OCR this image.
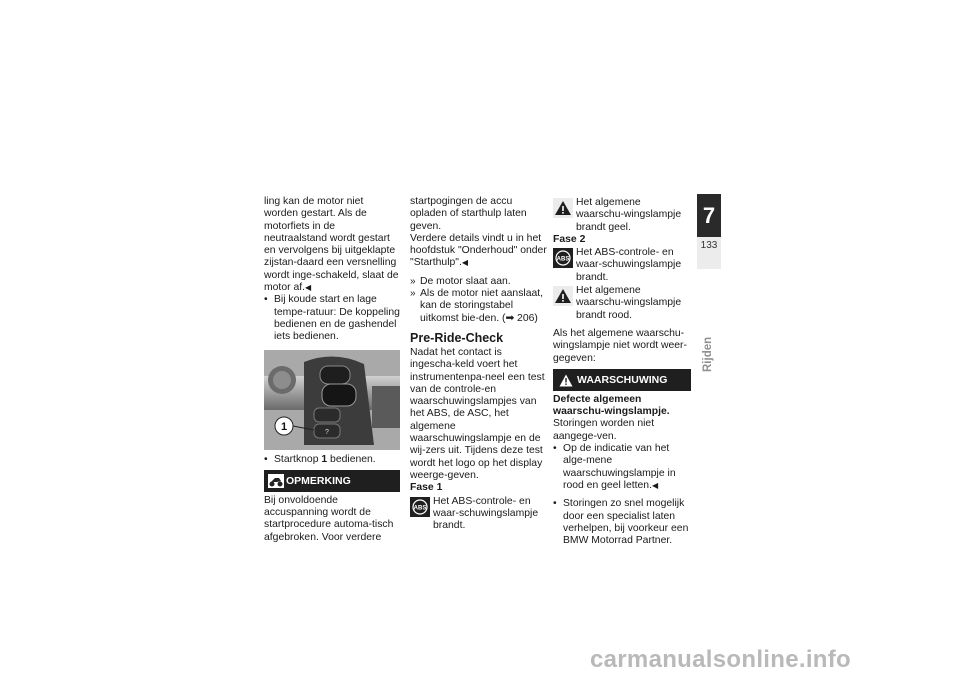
ling kan de motor niet worden gestart. Als de motorfiets in de neutraalstand wordt gestart en vervolgens bij uitgeklapte zijstan-daard een versnelling wordt inge-schakeld, slaat de motor af.◀

• Bij koude start en lage tempe-ratuur: De koppeling bedienen en de gashendel iets bedienen.

1	?

• Startknop 1 bedienen.

OPMERKING

Bij onvoldoende accuspanning wordt de startprocedure automa-tisch afgebroken. Voor verdere

startpogingen de accu opladen of starthulp laten geven.

Verdere details vindt u in het hoofdstuk "Onderhoud" onder "Starthulp".◀

» De motor slaat aan.

» Als de motor niet aanslaat, kan de storingstabel uitkomst bie-den. (➡ 206)

Pre-Ride-Check

Nadat het contact is ingescha-keld voert het instrumentenpa-neel een test van de controle-en waarschuwingslampjes van het ABS, de ASC, het algemene waarschuwingslampje en de wij-zers uit. Tijdens deze test wordt het logo op het display weerge-geven.

Fase 1

ABS
Het ABS-controle- en waar-schuwingslampje brandt.
Het algemene waarschu-wingslampje brandt geel.

Fase 2

ABS
Het ABS-controle- en waar-schuwingslampje brandt.
Het algemene waarschu-wingslampje brandt rood.

Als het algemene waarschu-wingslampje niet wordt weer-gegeven:

WAARSCHUWING

Defecte algemeen waarschu-wingslampje.

Storingen worden niet aangege-ven.

• Op de indicatie van het alge-mene waarschuwingslampje in rood en geel letten.◀

• Storingen zo snel mogelijk door een specialist laten verhelpen, bij voorkeur een BMW Motorrad Partner.

7
133
Rijden
carmanualsonline.info
